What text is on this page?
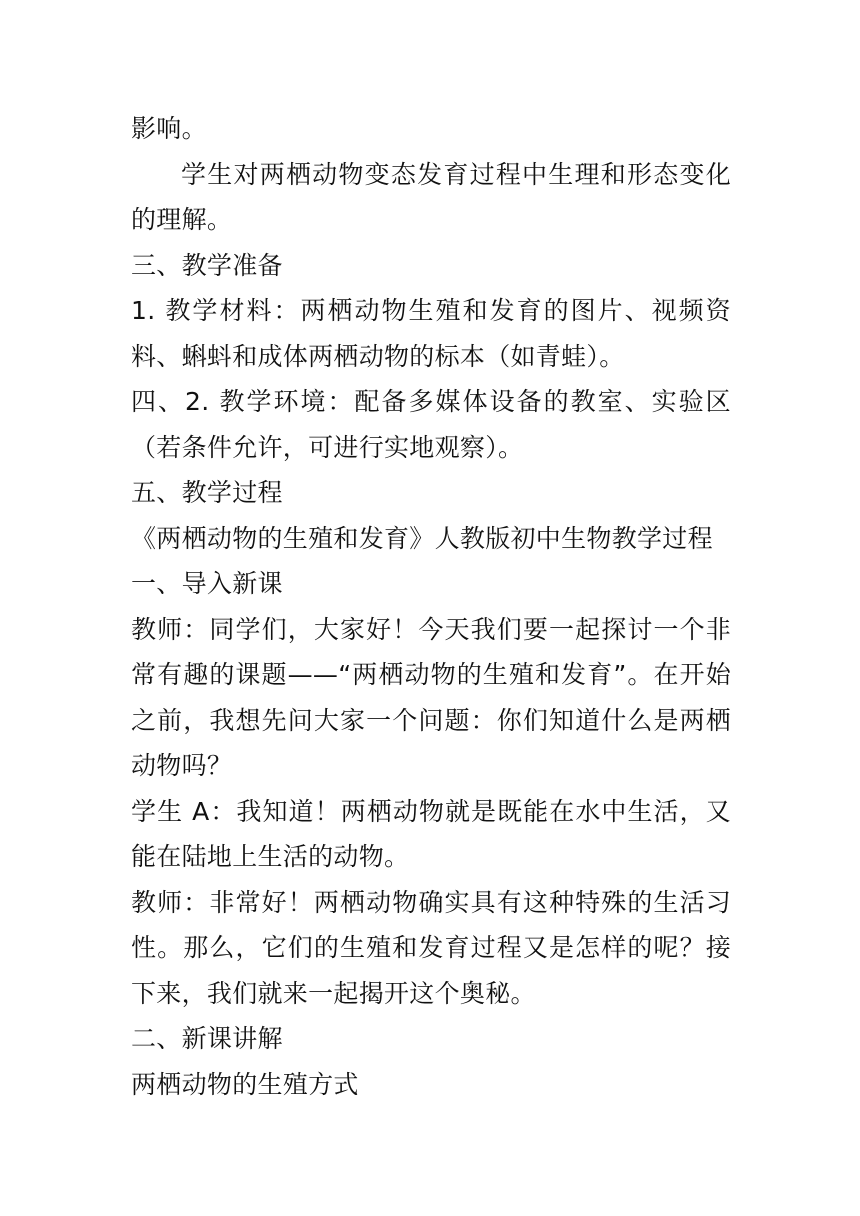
影响。

学生对两栖动物变态发育过程中生理和形态变化的理解。

三、教学准备

1. 教学材料：两栖动物生殖和发育的图片、视频资料、蝌蚪和成体两栖动物的标本（如青蛙）。

四、2. 教学环境：配备多媒体设备的教室、实验区（若条件允许，可进行实地观察）。

五、教学过程

《两栖动物的生殖和发育》人教版初中生物教学过程

一、导入新课

教师：同学们，大家好！今天我们要一起探讨一个非常有趣的课题——“两栖动物的生殖和发育”。在开始之前，我想先问大家一个问题：你们知道什么是两栖动物吗？

学生 A：我知道！两栖动物就是既能在水中生活，又能在陆地上生活的动物。

教师：非常好！两栖动物确实具有这种特殊的生活习性。那么，它们的生殖和发育过程又是怎样的呢？接下来，我们就来一起揭开这个奥秘。

二、新课讲解

两栖动物的生殖方式
